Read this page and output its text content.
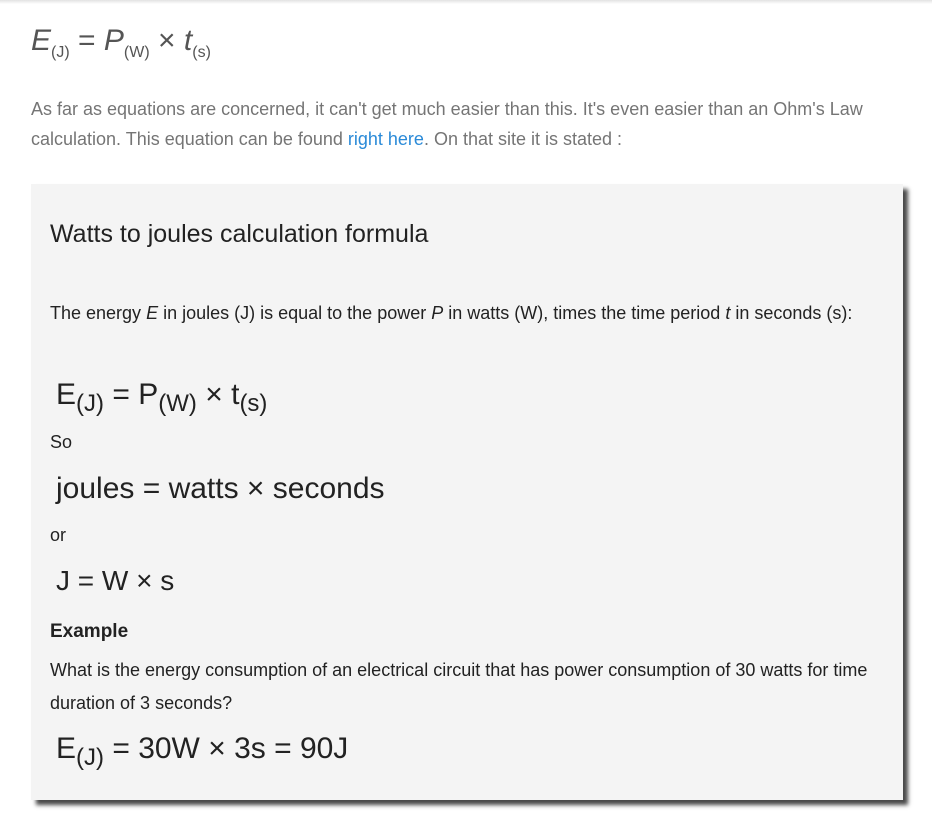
$E_{(J)} = P_{(W)} \times t_{(s)}$

As far as equations are concerned, it can't get much easier than this. It's even easier than an Ohm's Law calculation. This equation can be found right here. On that site it is stated :

Watts to joules calculation formula

The energy E in joules (J) is equal to the power P in watts (W), times the time period t in seconds (s):

$E_{(J)} = P_{(W)} \times t_{(s)}$

So

joules = watts × seconds

or

J = W × s
Example

What is the energy consumption of an electrical circuit that has power consumption of 30 watts for time duration of 3 seconds?

$E_{(J)} = 30W \times 3s = 90J$
